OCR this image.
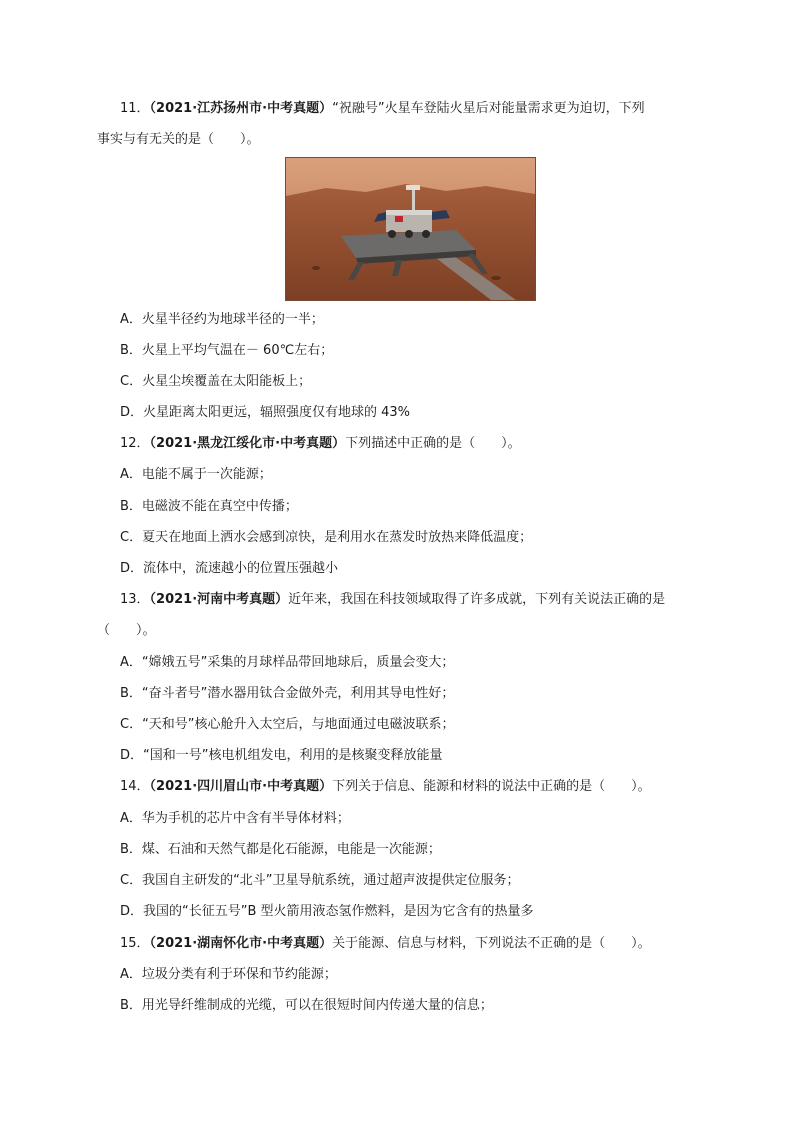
11．（2021·江苏扬州市·中考真题）“祝融号”火星车登陆火星后对能量需求更为迫切，下列
事实与有无关的是（　　）。
A．火星半径约为地球半径的一半；
B．火星上平均气温在－ 60℃左右；
C．火星尘埃覆盖在太阳能板上；
D．火星距离太阳更远，辐照强度仅有地球的 43%
12．（2021·黑龙江绥化市·中考真题）下列描述中正确的是（　　）。
A．电能不属于一次能源；
B．电磁波不能在真空中传播；
C．夏天在地面上洒水会感到凉快，是利用水在蒸发时放热来降低温度；
D．流体中，流速越小的位置压强越小
13．（2021·河南中考真题）近年来，我国在科技领域取得了许多成就，下列有关说法正确的是
（　　）。
A．“嫦娥五号”采集的月球样品带回地球后，质量会变大；
B．“奋斗者号”潜水器用钛合金做外壳，利用其导电性好；
C．“天和号”核心舱升入太空后，与地面通过电磁波联系；
D．“国和一号”核电机组发电，利用的是核聚变释放能量
14．（2021·四川眉山市·中考真题）下列关于信息、能源和材料的说法中正确的是（　　）。
A．华为手机的芯片中含有半导体材料；
B．煤、石油和天然气都是化石能源，电能是一次能源；
C．我国自主研发的“北斗”卫星导航系统，通过超声波提供定位服务；
D．我国的“长征五号”B 型火箭用液态氢作燃料，是因为它含有的热量多
15．（2021·湖南怀化市·中考真题）关于能源、信息与材料，下列说法不正确的是（　　）。
A．垃圾分类有利于环保和节约能源；
B．用光导纤维制成的光缆，可以在很短时间内传递大量的信息；
